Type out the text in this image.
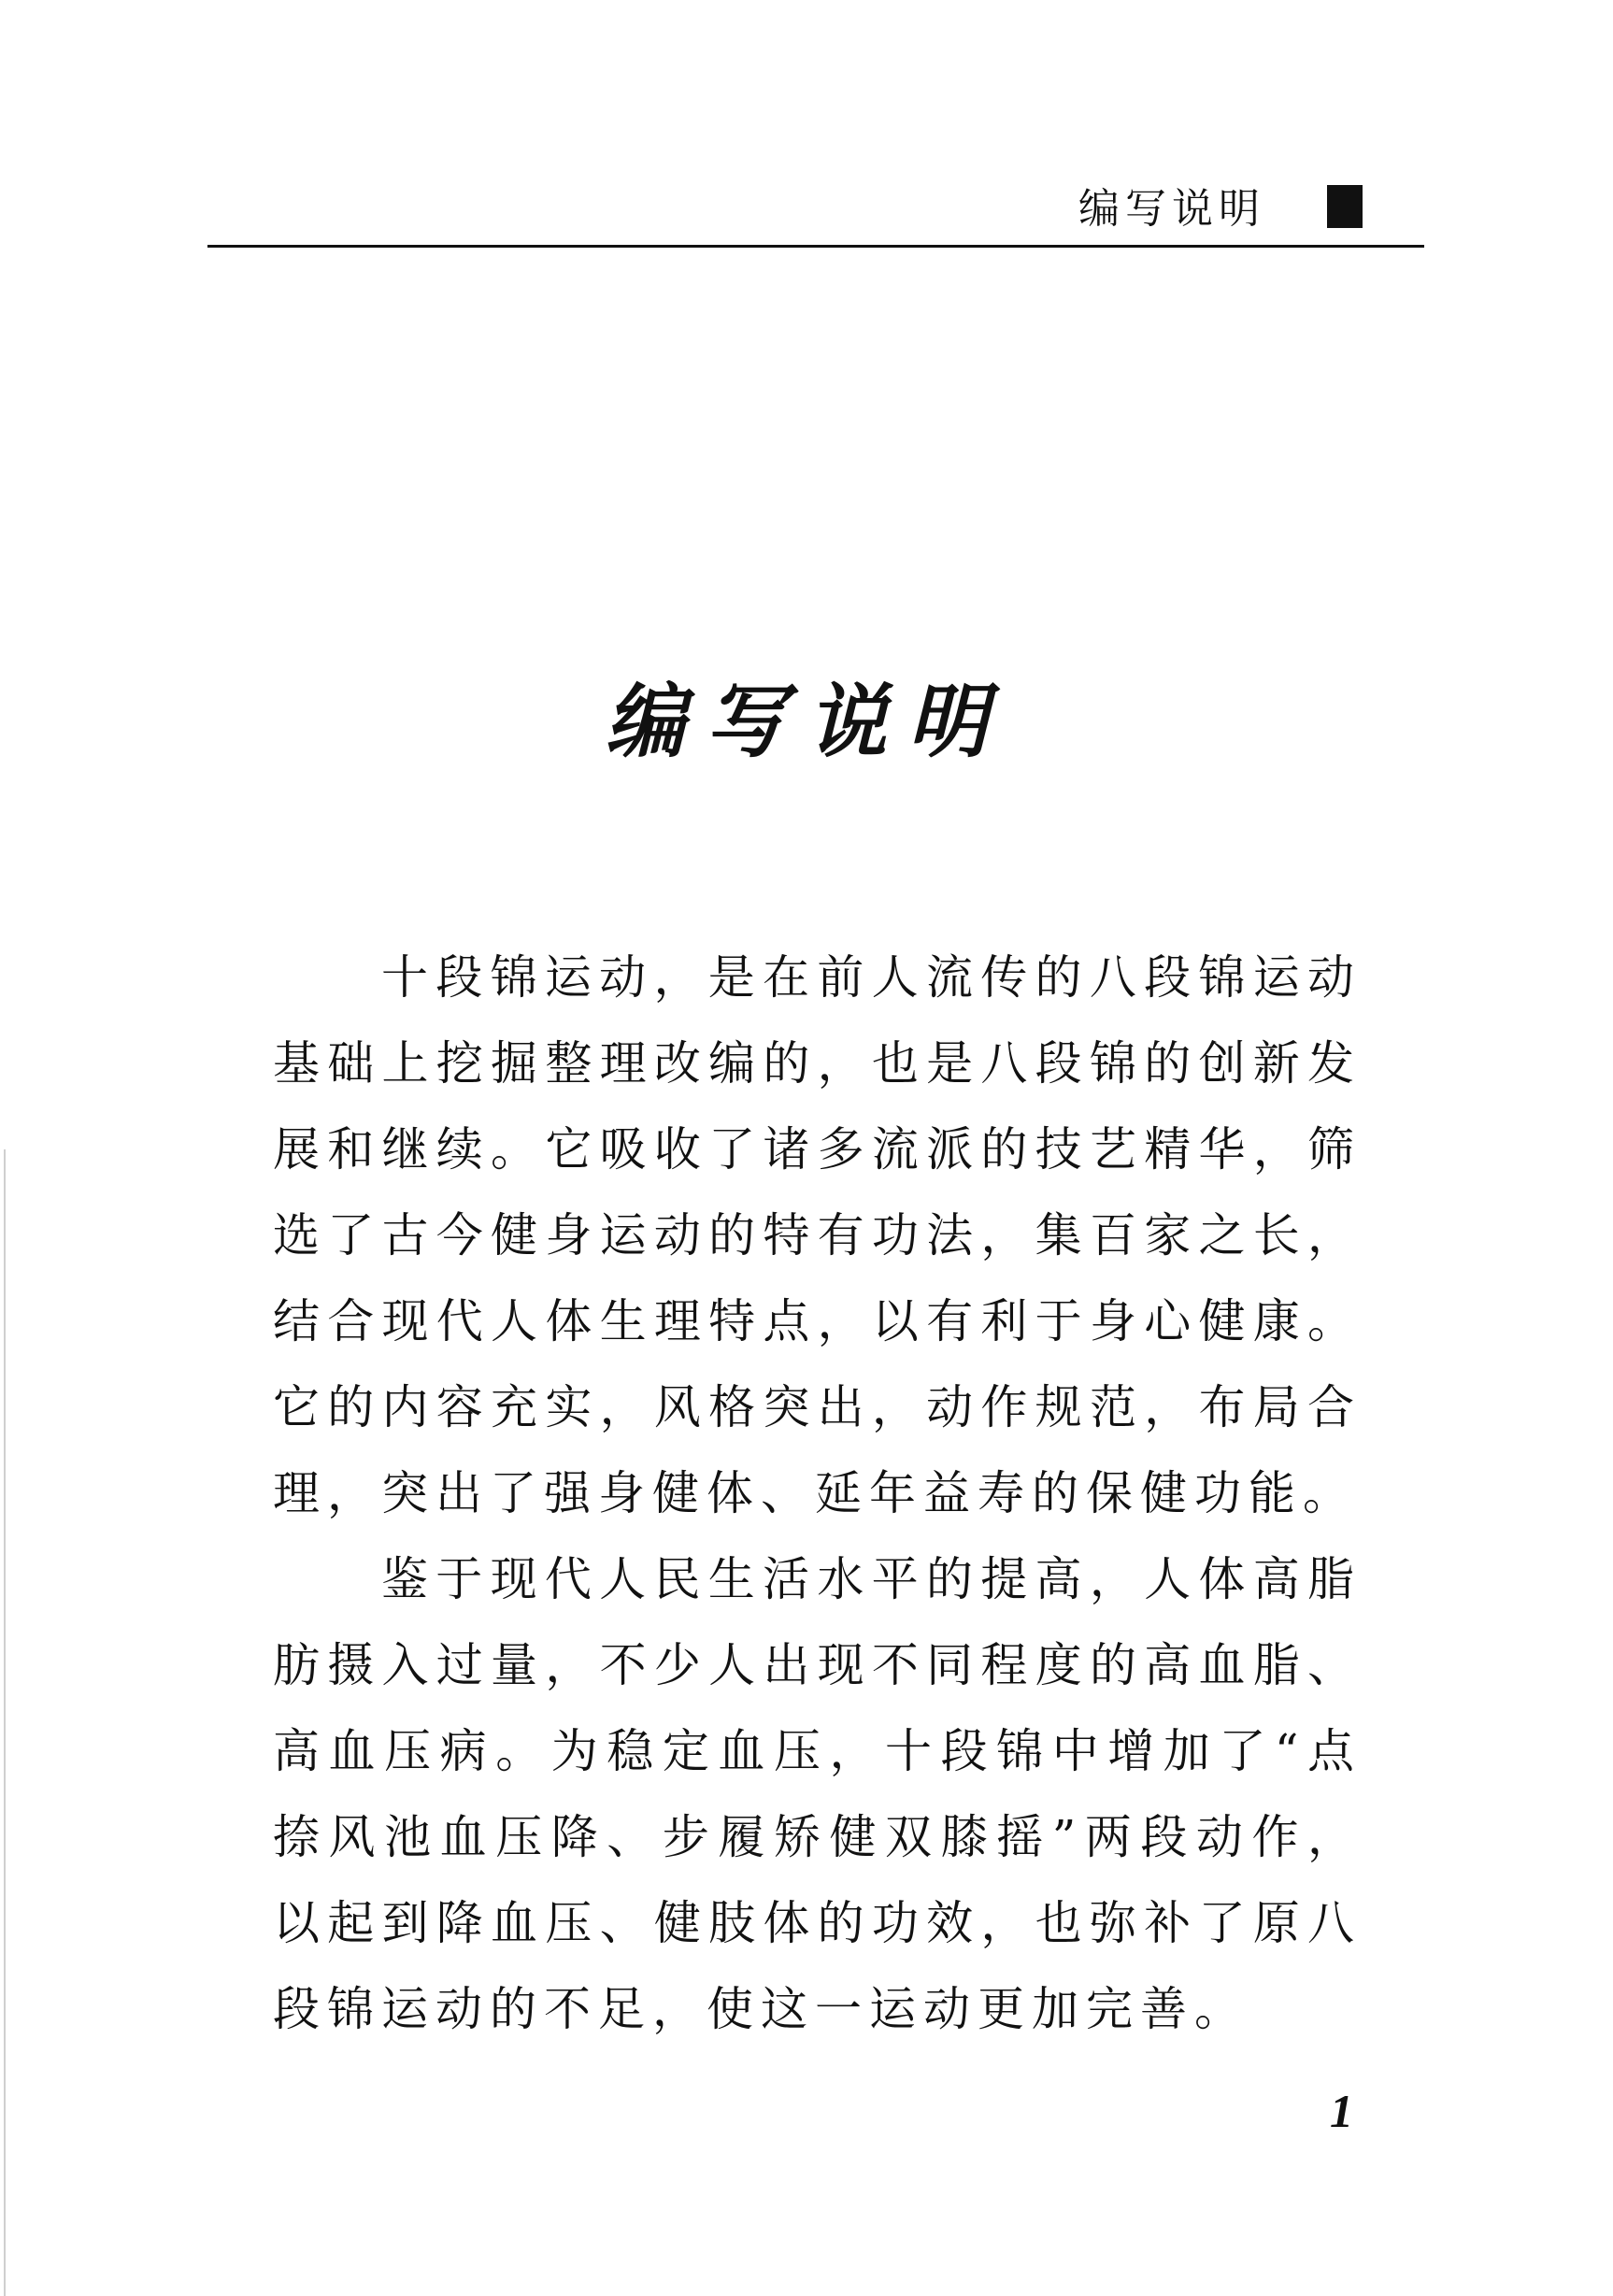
编写说明
编写说明

十段锦运动，是在前人流传的八段锦运动基础上挖掘整理改编的，也是八段锦的创新发展和继续。它吸收了诸多流派的技艺精华，筛选了古今健身运动的特有功法，集百家之长，结合现代人体生理特点，以有利于身心健康。它的内容充实，风格突出，动作规范，布局合理，突出了强身健体、延年益寿的保健功能。

鉴于现代人民生活水平的提高，人体高脂肪摄入过量，不少人出现不同程度的高血脂、高血压病。为稳定血压，十段锦中增加了“点捺风池血压降、步履矫健双膝摇”两段动作，以起到降血压、健肢体的功效，也弥补了原八段锦运动的不足，使这一运动更加完善。

1
